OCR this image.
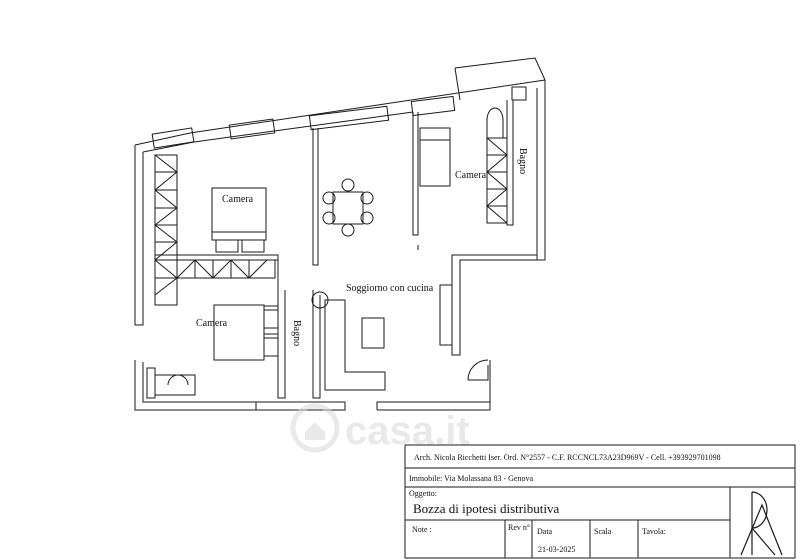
casa.it
Camera
Camera
Camera
Soggiorno con cucina
Bagno
Bagno
Arch. Nicola Ricchetti Iser. Ord. N°2557 - C.F. RCCNCL73A23D969V - Cell. +393929701098
Immobile: Via Molassana 83 - Genova
Oggetto:
Bozza di ipotesi distributiva
Note :	Rev n° Data	Scala	Tavola:
21-03-2025
